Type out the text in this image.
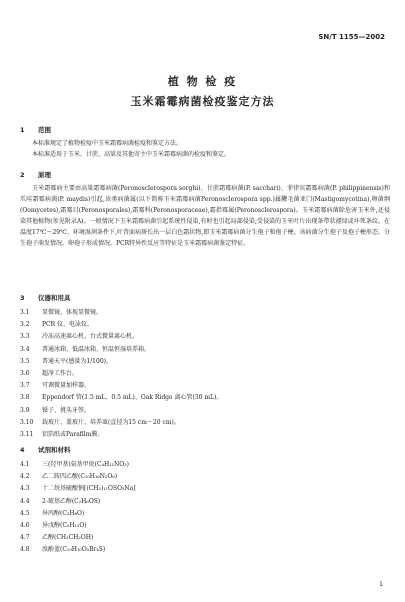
SN/T 1155—2002
植 物 检 疫
玉米霜霉病菌检疫鉴定方法
1 范围

本标准规定了植物检疫中玉米霜霉病菌检疫和鉴定方法。

本标准适用于玉米、甘蔗、高粱及其他寄主中玉米霜霉病菌的检疫和鉴定。

2 原理

玉米霜霉病主要由高粱霜霉病菌(Peronosclerospora sorghi)、甘蔗霜霉病菌(P. sacchari)、菲律宾霜霉病菌(P. philippinensis)和爪哇霜霉病菌(P. maydis)引起,该类病菌属(以下简称玉米霜霉病菌Peronosclerospora spp.)属鞭毛菌亚门(Mastigomycotina),卵菌纲(Oomycetes),霜霉目(Peronosporales),霜霉科(Peronosporaceae),霜指霉属(Peronosclerospora)。玉米霜霉病菌除危害玉米外,还侵染其他植物(参见附录A)。一般情况下玉米霜霉病菌引起系统性侵染,有时也引起局部侵染,受侵染的玉米叶片出现条带状褪绿或坏死条纹。在温度17℃～29℃、环境湿润条件下,叶背面病斑长出一层白色霜状物,即玉米霜霉病菌分生孢子和孢子梗。该病菌分生孢子及孢子梗形态、分生孢子萌发情况、卵孢子形成情况、PCR特异性反应等特征是玉米霜霉病菌鉴定特征。

3 仪器和用具
3.1 显微镜、体视显微镜。
3.2 PCR 仪、电泳仪。
3.3 冷冻高速离心机、台式微量离心机。
3.4 普通冰箱、低温冰箱、恒温恒湿培养箱。
3.5 普通天平(感量为1/100)。
3.6 超净工作台。
3.7 可调微量加样器。
3.8 Eppendorf 管(1.5 mL、0.5 mL)、Oak Ridge 离心管(30 mL)。
3.9 镊子、挑头牙签。
3.10 载玻片、盖玻片、培养皿(直径为15 cm～20 cm)。
3.11 铝箔纸或Parafilm膜。
4 试剂和材料
4.1 三(羟甲基)氨基甲烷(C₄H₁₁NO₃)
4.2 乙二胺四乙酸(C₁₀H₁₆N₂O₈)
4.3 十二烷基硫酸钠[(CH₃)₁₁OSO₃Na]
4.4 2-巯基乙醇(C₂H₆OS)
4.5 异丙醇(C₃H₈O)
4.6 异戊醇(C₅H₁₂O)
4.7 乙醇(CH₃CH₂OH)
4.8 溴酚蓝(C₁₉H₁₀O₅Br₄S)
1
